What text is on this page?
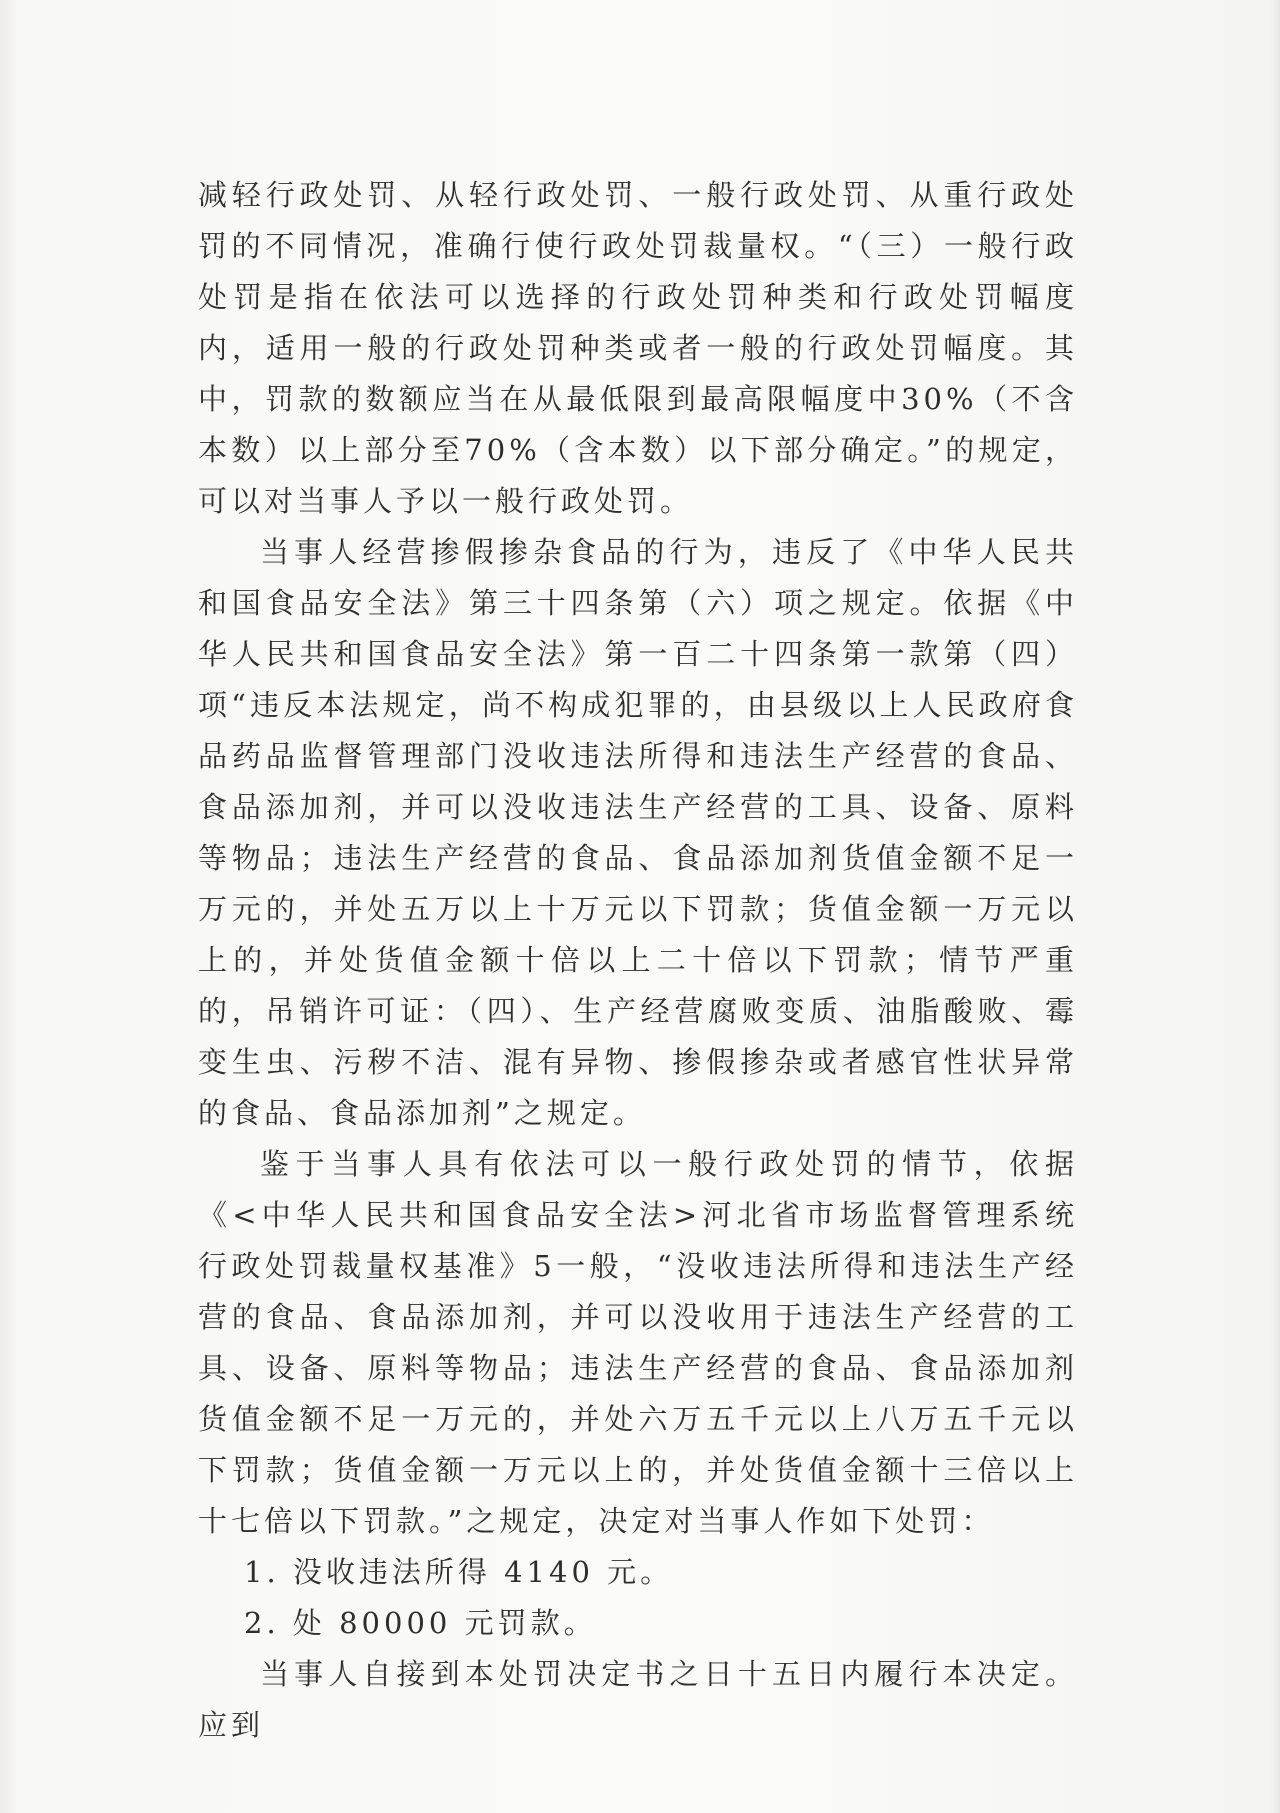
减轻行政处罚、从轻行政处罚、一般行政处罚、从重行政处罚的不同情况，准确行使行政处罚裁量权。“（三）一般行政处罚是指在依法可以选择的行政处罚种类和行政处罚幅度内，适用一般的行政处罚种类或者一般的行政处罚幅度。其中，罚款的数额应当在从最低限到最高限幅度中30%（不含本数）以上部分至70%（含本数）以下部分确定。”的规定，可以对当事人予以一般行政处罚。

当事人经营掺假掺杂食品的行为，违反了《中华人民共和国食品安全法》第三十四条第（六）项之规定。依据《中华人民共和国食品安全法》第一百二十四条第一款第（四）项“违反本法规定，尚不构成犯罪的，由县级以上人民政府食品药品监督管理部门没收违法所得和违法生产经营的食品、食品添加剂，并可以没收违法生产经营的工具、设备、原料等物品；违法生产经营的食品、食品添加剂货值金额不足一万元的，并处五万以上十万元以下罚款；货值金额一万元以上的，并处货值金额十倍以上二十倍以下罚款；情节严重的，吊销许可证：（四）、生产经营腐败变质、油脂酸败、霉变生虫、污秽不洁、混有异物、掺假掺杂或者感官性状异常的食品、食品添加剂”之规定。

鉴于当事人具有依法可以一般行政处罚的情节，依据《<中华人民共和国食品安全法>河北省市场监督管理系统行政处罚裁量权基准》5一般，“没收违法所得和违法生产经营的食品、食品添加剂，并可以没收用于违法生产经营的工具、设备、原料等物品；违法生产经营的食品、食品添加剂货值金额不足一万元的，并处六万五千元以上八万五千元以下罚款；货值金额一万元以上的，并处货值金额十三倍以上十七倍以下罚款。”之规定，决定对当事人作如下处罚：

1. 没收违法所得 4140 元。

2. 处 80000 元罚款。

当事人自接到本处罚决定书之日十五日内履行本决定。应到
